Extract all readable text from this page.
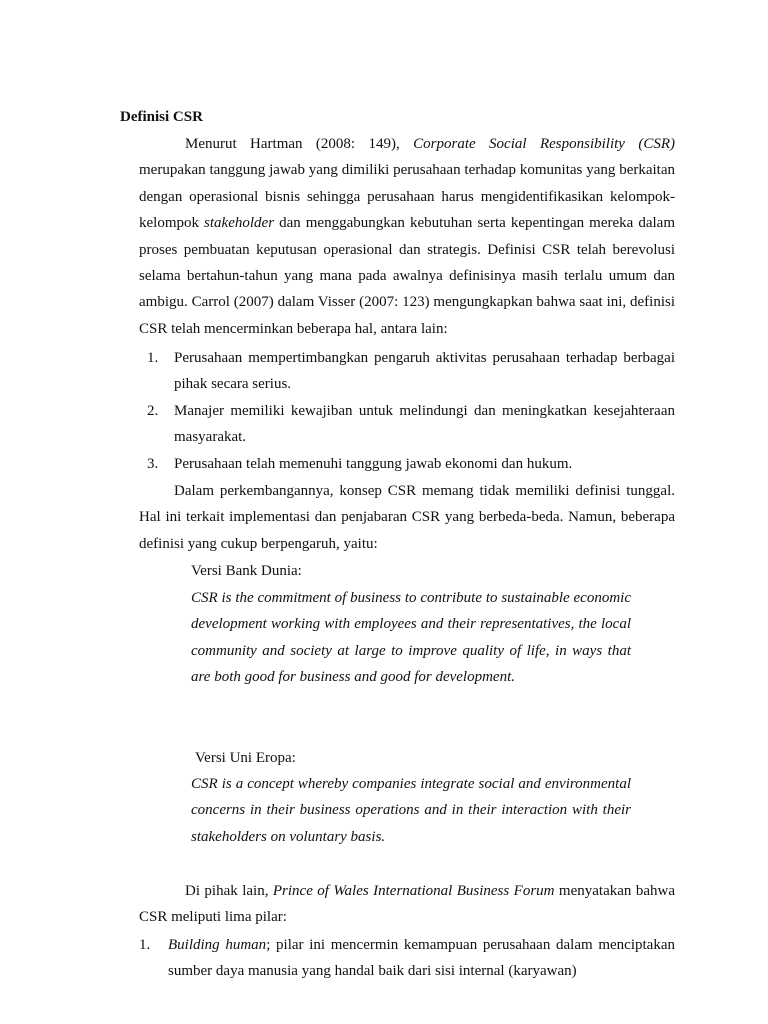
Definisi CSR
Menurut Hartman (2008: 149), Corporate Social Responsibility (CSR) merupakan tanggung jawab yang dimiliki perusahaan terhadap komunitas yang berkaitan dengan operasional bisnis sehingga perusahaan harus mengidentifikasikan kelompok-kelompok stakeholder dan menggabungkan kebutuhan serta kepentingan mereka dalam proses pembuatan keputusan operasional dan strategis. Definisi CSR telah berevolusi selama bertahun-tahun yang mana pada awalnya definisinya masih terlalu umum dan ambigu. Carrol (2007) dalam Visser (2007: 123) mengungkapkan bahwa saat ini, definisi CSR telah mencerminkan beberapa hal, antara lain:
1. Perusahaan mempertimbangkan pengaruh aktivitas perusahaan terhadap berbagai pihak secara serius.
2. Manajer memiliki kewajiban untuk melindungi dan meningkatkan kesejahteraan masyarakat.
3. Perusahaan telah memenuhi tanggung jawab ekonomi dan hukum.
Dalam perkembangannya, konsep CSR memang tidak memiliki definisi tunggal. Hal ini terkait implementasi dan penjabaran CSR yang berbeda-beda. Namun, beberapa definisi yang cukup berpengaruh, yaitu:
Versi Bank Dunia:
CSR is the commitment of business to contribute to sustainable economic development working with employees and their representatives, the local community and society at large to improve quality of life, in ways that are both good for business and good for development.
Versi Uni Eropa:
CSR is a concept whereby companies integrate social and environmental concerns in their business operations and in their interaction with their stakeholders on voluntary basis.
Di pihak lain, Prince of Wales International Business Forum menyatakan bahwa CSR meliputi lima pilar:
1. Building human; pilar ini mencermin kemampuan perusahaan dalam menciptakan sumber daya manusia yang handal baik dari sisi internal (karyawan)
